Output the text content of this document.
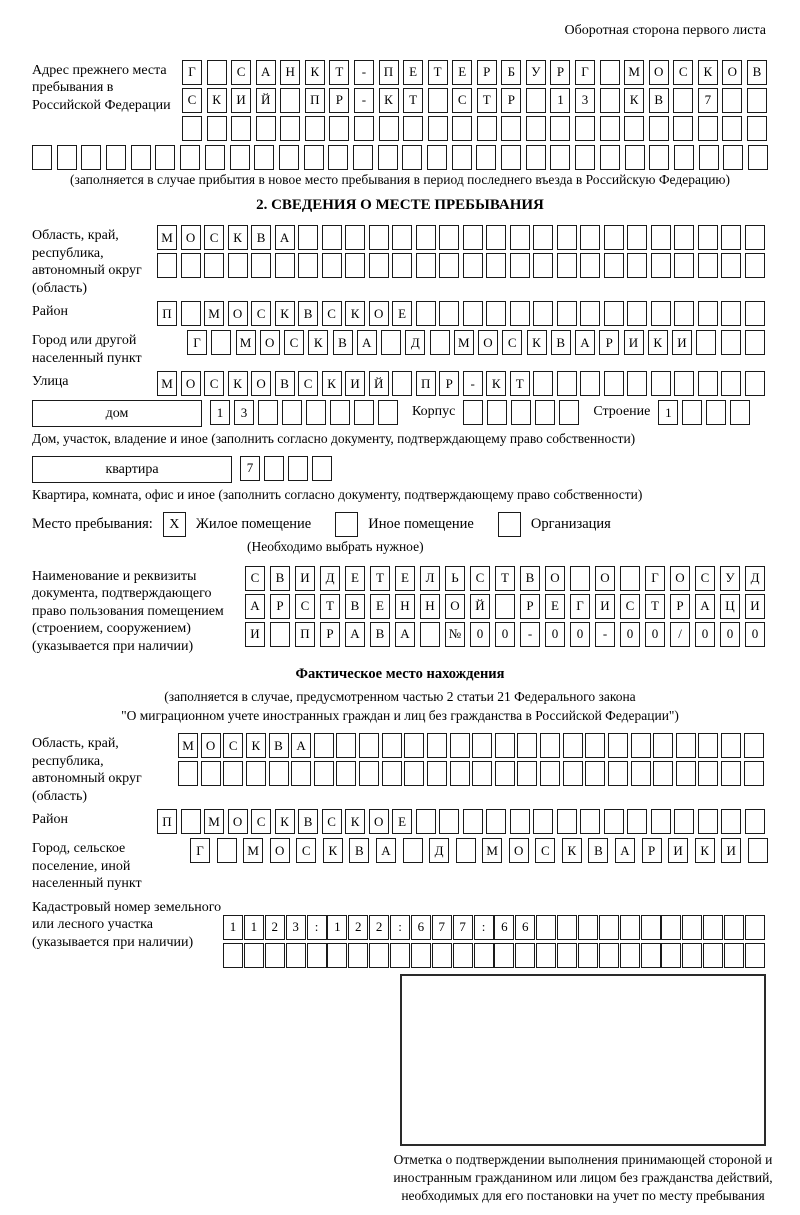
Оборотная сторона первого листа
Адрес прежнего места пребывания в Российской Федерации
Г	С	А	Н	К	Т	-	П	Е	Т	Е	Р	Б	У	Р	Г	М	О	С	К	О	В
С	К	И	Й	П	Р	-	К	Т	С	Т	Р	1	3	К	В	7
(заполняется в случае прибытия в новое место пребывания в период последнего въезда в Российскую Федерацию)
2. СВЕДЕНИЯ О МЕСТЕ ПРЕБЫВАНИЯ
Область, край, республика, автономный округ (область)
М	О	С	К	В	А
Район	П	М	О	С	К	В	С	К	О	Е
Город или другой населенный пункт
Г	М	О	С	К	В	А	Д	М	О	С	К	В	А	Р	И	К	И
Улица	М	О	С	К	О	В	С	К	И	Й	П	Р	-	К	Т
дом	1	3	Корпус	Строение	1
Дом, участок, владение и иное (заполнить согласно документу, подтверждающему право собственности)
квартира	7
Квартира, комната, офис и иное (заполнить согласно документу, подтверждающему право собственности)
Место пребывания:	X	Жилое помещение	Иное помещение	Организация
(Необходимо выбрать нужное)
Наименование и реквизиты документа, подтверждающего право пользования помещением (строением, сооружением) (указывается при наличии)
С	В	И	Д	Е	Т	Е	Л	Ь	С	Т	В	О	О	Г	О	С	У	Д
А	Р	С	Т	В	Е	Н	Н	О	Й	Р	Е	Г	И	С	Т	Р	А	Ц	И
И	П	Р	А	В	А	№	0	0	-	0	0	-	0	0	/	0	0	0
Фактическое место нахождения
(заполняется в случае, предусмотренном частью 2 статьи 21 Федерального закона
"О миграционном учете иностранных граждан и лиц без гражданства в Российской Федерации")
Область, край, республика, автономный округ (область)
М О	С	К	В	А
Район	П	М	О	С	К	В	С	К	О	Е
Город, сельское поселение, иной населенный пункт
Г	М	О	С	К	В	А	Д	М	О	С	К	В	А	Р	И	К	И
Кадастровый номер земельного или лесного участка (указывается при наличии)
1	1	2	3	:	1	2	2	:	6	7	7	:	6	6
Отметка о подтверждении выполнения принимающей стороной и иностранным гражданином или лицом без гражданства действий, необходимых для его постановки на учет по месту пребывания
